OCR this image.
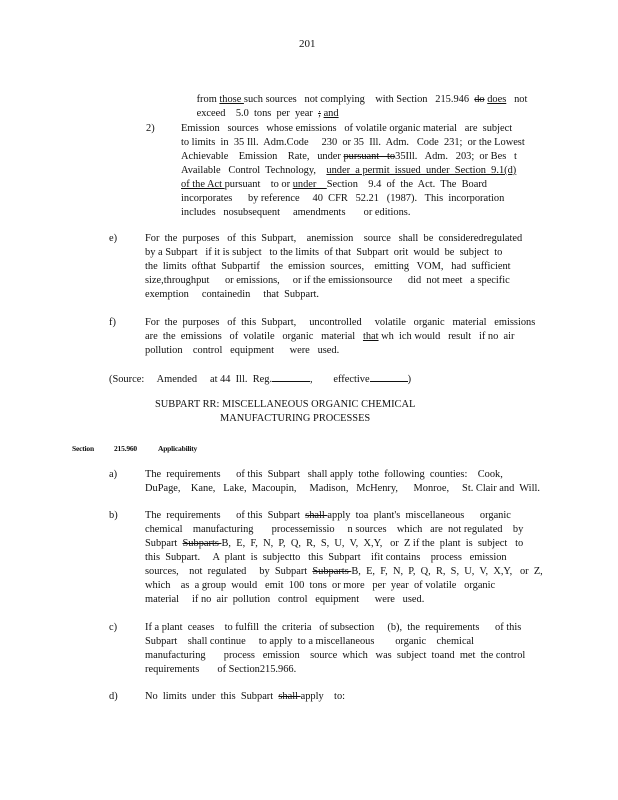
201

from those such sources   not complying    with Section   215.946  do does   not

exceed    5.0  tons  per  year  ; and

2)	Emission   sources   whose emissions   of volatile organic material   are  subject
to limits  in  35 Ill.  Adm.Code     230  or 35  Ill.  Adm.   Code  231;  or the Lowest
Achievable    Emission    Rate,   under pursuant   to35Ill.   Adm.   203;  or Bes   t
Available   Control  Technology,    under  a permit  issued  under  Section  9.1(d)
of the Act pursuant    to or under    Section    9.4  of  the  Act.  The  Board
incorporates      by reference     40  CFR   52.21   (1987).   This  incorporation
includes   nosubsequent     amendments       or editions.
e)	For  the  purposes   of  this  Subpart,    anemission    source   shall  be  consideredregulated
by a Subpart   if it is subject   to the limits  of that  Subpart  orit  would  be  subject  to
the  limits  ofthat  Subpartif    the  emission  sources,    emitting   VOM,   had  sufficient
size,throughput      or emissions,     or if the emissionsource      did  not meet   a specific
exemption     containedin     that  Subpart.
f)	For  the  purposes   of  this  Subpart,     uncontrolled     volatile   organic   material   emissions
are  the  emissions   of  volatile   organic   material   that wh  ich would   result   if no  air
pollution    control   equipment      were   used.
(Source:     Amended     at 44  Ill.  Reg.	,        effective	)
SUBPART RR: MISCELLANEOUS ORGANIC CHEMICAL
MANUFACTURING PROCESSES
Section	215.960	Applicability
a)	The  requirements      of this  Subpart   shall apply  tothe  following  counties:    Cook,
DuPage,    Kane,   Lake,  Macoupin,     Madison,   McHenry,      Monroe,     St. Clair and  Will.
b)	The  requirements      of this  Subpart  shall apply  toa  plant's  miscellaneous      organic
chemical    manufacturing       processemissio     n sources    which   are  not regulated    by
Subpart  Subparts B,  E,  F,  N,  P,  Q,  R,  S,  U,  V,  X,Y,   or  Z if the  plant  is  subject   to
this  Subpart.     A  plant  is  subjectto   this  Subpart    ifit contains    process   emission
sources,    not  regulated     by  Subpart  Subparts B,  E,  F,  N,  P,  Q,  R,  S,  U,  V,  X,Y,   or  Z,
which    as  a group  would   emit  100  tons  or more   per  year  of volatile   organic
material     if no  air  pollution   control   equipment      were   used.
c)	If a plant  ceases    to fulfill  the  criteria   of subsection     (b),  the  requirements      of this
Subpart    shall continue     to apply  to a miscellaneous        organic    chemical
manufacturing       process   emission    source  which   was  subject  toand  met  the control
requirements       of Section215.966.
d)	No  limits  under  this  Subpart  shall apply    to:
